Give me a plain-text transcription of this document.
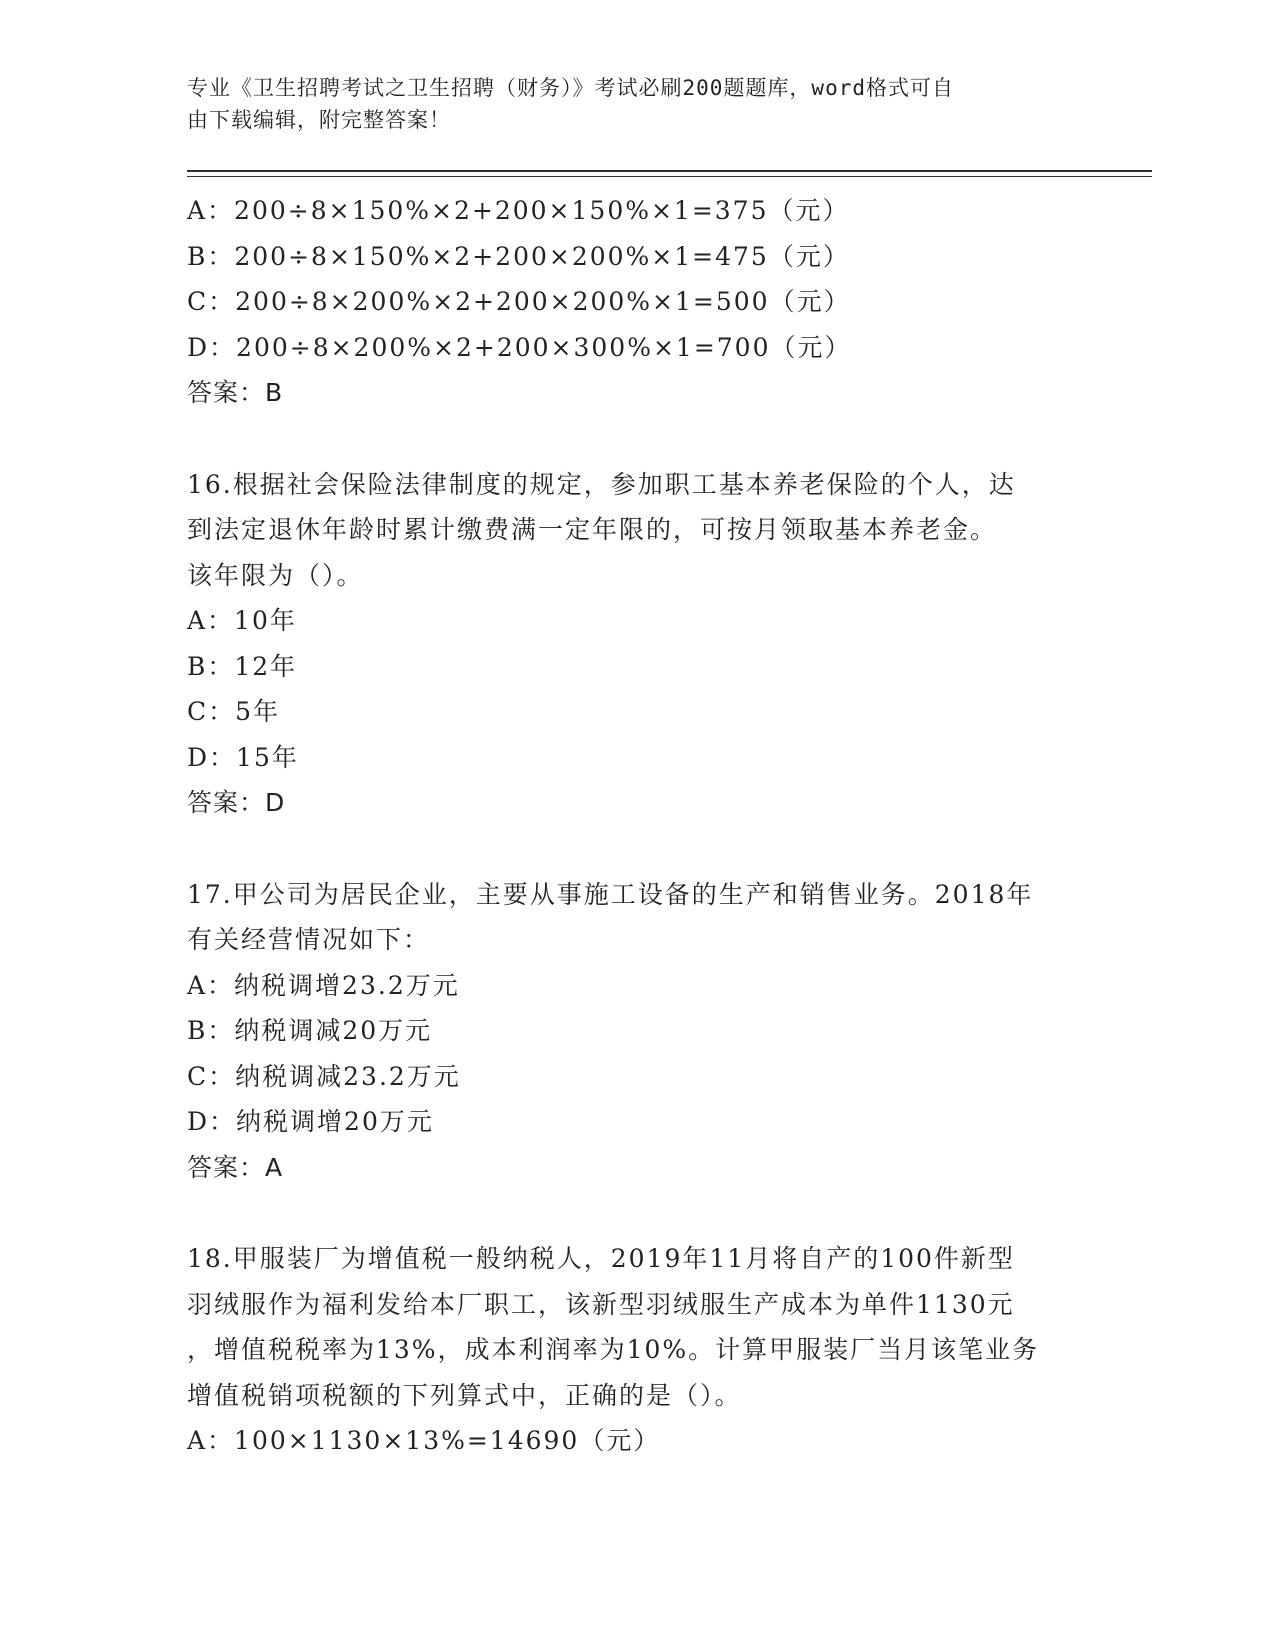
专业《卫生招聘考试之卫生招聘（财务）》考试必刷200题题库，word格式可自
由下载编辑，附完整答案！
A：200÷8×150%×2+200×150%×1=375（元）
B：200÷8×150%×2+200×200%×1=475（元）
C：200÷8×200%×2+200×200%×1=500（元）
D：200÷8×200%×2+200×300%×1=700（元）
答案：B
16.根据社会保险法律制度的规定，参加职工基本养老保险的个人，达
到法定退休年龄时累计缴费满一定年限的，可按月领取基本养老金。
该年限为（）。
A：10年
B：12年
C：5年
D：15年
答案：D
17.甲公司为居民企业，主要从事施工设备的生产和销售业务。2018年
有关经营情况如下：
A：纳税调增23.2万元
B：纳税调减20万元
C：纳税调减23.2万元
D：纳税调增20万元
答案：A
18.甲服装厂为增值税一般纳税人，2019年11月将自产的100件新型
羽绒服作为福利发给本厂职工，该新型羽绒服生产成本为单件1130元
，增值税税率为13%，成本利润率为10%。计算甲服装厂当月该笔业务
增值税销项税额的下列算式中，正确的是（）。
A：100×1130×13%=14690（元）
